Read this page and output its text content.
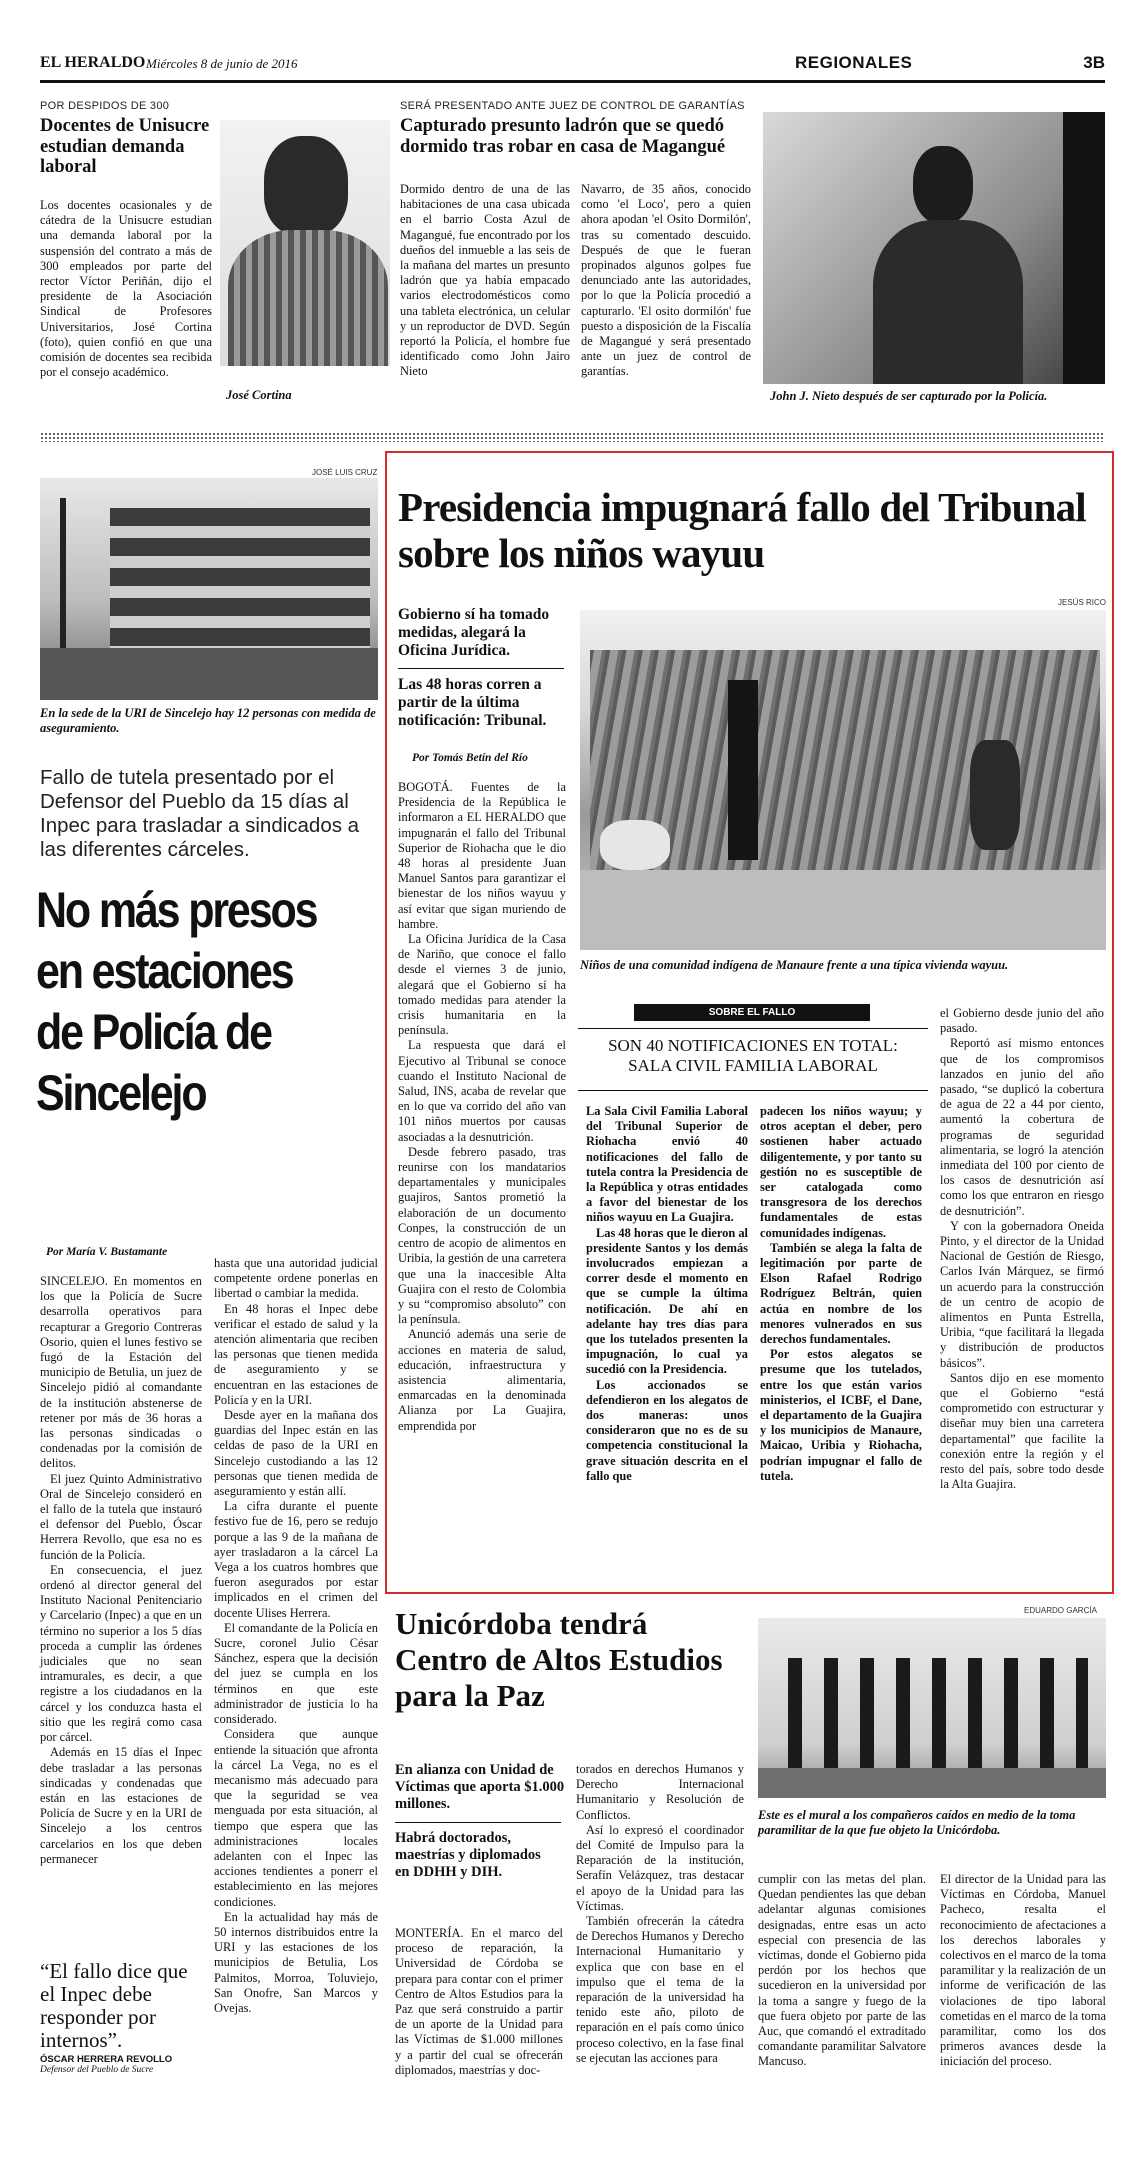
EL HERALDO Miércoles 8 de junio de 2016	REGIONALES	3B
POR DESPIDOS DE 300
Docentes de Unisucre estudian demanda laboral
Los docentes ocasionales y de cátedra de la Unisucre estudian una demanda laboral por la suspensión del contrato a más de 300 empleados por parte del rector Víctor Periñán, dijo el presidente de la Asociación Sindical de Profesores Universitarios, José Cortina (foto), quien confió en que una comisión de docentes sea recibida por el consejo académico.
José Cortina
SERÁ PRESENTADO ANTE JUEZ DE CONTROL DE GARANTÍAS
Capturado presunto ladrón que se quedó dormido tras robar en casa de Magangué
Dormido dentro de una de las habitaciones de una casa ubicada en el barrio Costa Azul de Magangué, fue encontrado por los dueños del inmueble a las seis de la mañana del martes un presunto ladrón que ya había empacado varios electrodomésticos como una tableta electrónica, un celular y un reproductor de DVD. Según reportó la Policía, el hombre fue identificado como John Jairo Nieto
Navarro, de 35 años, conocido como 'el Loco', pero a quien ahora apodan 'el Osito Dormilón', tras su comentado descuido. Después de que le fueran propinados algunos golpes fue denunciado ante las autoridades, por lo que la Policía procedió a capturarlo. 'El osito dormilón' fue puesto a disposición de la Fiscalía de Magangué y será presentado ante un juez de control de garantías.
John J. Nieto después de ser capturado por la Policía.
JOSÉ LUIS CRUZ
En la sede de la URI de Sincelejo hay 12 personas con medida de aseguramiento.
Fallo de tutela presentado por el Defensor del Pueblo da 15 días al Inpec para trasladar a sindicados a las diferentes cárceles.
No más presos en estaciones de Policía de Sincelejo
Por María V. Bustamante

SINCELEJO. En momentos en los que la Policía de Sucre desarrolla operativos para recapturar a Gregorio Contreras Osorio, quien el lunes festivo se fugó de la Estación del municipio de Betulia, un juez de Sincelejo pidió al comandante de la institución abstenerse de retener por más de 36 horas a las personas sindicadas o condenadas por la comisión de delitos.

El juez Quinto Administrativo Oral de Sincelejo consideró en el fallo de la tutela que instauró el defensor del Pueblo, Óscar Herrera Revollo, que esa no es función de la Policía.

En consecuencia, el juez ordenó al director general del Instituto Nacional Penitenciario y Carcelario (Inpec) a que en un término no superior a los 5 días proceda a cumplir las órdenes judiciales que no sean intramurales, es decir, a que registre a los ciudadanos en la cárcel y los conduzca hasta el sitio que les regirá como casa por cárcel.

Además en 15 días el Inpec debe trasladar a las personas sindicadas y condenadas que están en las estaciones de Policía de Sucre y en la URI de Sincelejo a los centros carcelarios en los que deben permanecer

hasta que una autoridad judicial competente ordene ponerlas en libertad o cambiar la medida.

En 48 horas el Inpec debe verificar el estado de salud y la atención alimentaria que reciben las personas que tienen medida de aseguramiento y se encuentran en las estaciones de Policía y en la URI.

Desde ayer en la mañana dos guardias del Inpec están en las celdas de paso de la URI en Sincelejo custodiando a las 12 personas que tienen medida de aseguramiento y están allí.

La cifra durante el puente festivo fue de 16, pero se redujo porque a las 9 de la mañana de ayer trasladaron a la cárcel La Vega a los cuatros hombres que fueron asegurados por estar implicados en el crimen del docente Ulises Herrera.

El comandante de la Policía en Sucre, coronel Julio César Sánchez, espera que la decisión del juez se cumpla en los términos en que este administrador de justicia lo ha considerado.

Considera que aunque entiende la situación que afronta la cárcel La Vega, no es el mecanismo más adecuado para que la seguridad se vea menguada por esta situación, al tiempo que espera que las administraciones locales adelanten con el Inpec las acciones tendientes a ponerr el establecimiento en las mejores condiciones.

En la actualidad hay más de 50 internos distribuidos entre la URI y las estaciones de los municipios de Betulia, Los Palmitos, Morroa, Toluviejo, San Onofre, San Marcos y Ovejas.

“El fallo dice que el Inpec debe responder por internos”.
ÓSCAR HERRERA REVOLLO
Defensor del Pueblo de Sucre
Presidencia impugnará fallo del Tribunal sobre los niños wayuu
Gobierno sí ha tomado medidas, alegará la Oficina Jurídica.
Las 48 horas corren a partir de la última notificación: Tribunal.
Por Tomás Betín del Río
JESÚS RICO
Niños de una comunidad indígena de Manaure frente a una típica vivienda wayuu.

BOGOTÁ. Fuentes de la Presidencia de la República le informaron a EL HERALDO que impugnarán el fallo del Tribunal Superior de Riohacha que le dio 48 horas al presidente Juan Manuel Santos para garantizar el bienestar de los niños wayuu y así evitar que sigan muriendo de hambre.

La Oficina Jurídica de la Casa de Nariño, que conoce el fallo desde el viernes 3 de junio, alegará que el Gobierno sí ha tomado medidas para atender la crisis humanitaria en la península.

La respuesta que dará el Ejecutivo al Tribunal se conoce cuando el Instituto Nacional de Salud, INS, acaba de revelar que en lo que va corrido del año van 101 niños muertos por causas asociadas a la desnutrición.

Desde febrero pasado, tras reunirse con los mandatarios departamentales y municipales guajiros, Santos prometió la elaboración de un documento Conpes, la construcción de un centro de acopio de alimentos en Uribia, la gestión de una carretera que una la inaccesible Alta Guajira con el resto de Colombia y su “compromiso absoluto” con la península.

Anunció además una serie de acciones en materia de salud, educación, infraestructura y asistencia alimentaria, enmarcadas en la denominada Alianza por La Guajira, emprendida por

SOBRE EL FALLO
SON 40 NOTIFICACIONES EN TOTAL: SALA CIVIL FAMILIA LABORAL

La Sala Civil Familia Laboral del Tribunal Superior de Riohacha envió 40 notificaciones del fallo de tutela contra la Presidencia de la República y otras entidades a favor del bienestar de los niños wayuu en La Guajira.

Las 48 horas que le dieron al presidente Santos y los demás involucrados empiezan a correr desde el momento en que se cumple la última notificación. De ahí en adelante hay tres días para que los tutelados presenten la impugnación, lo cual ya sucedió con la Presidencia.

Los accionados se defendieron en los alegatos de dos maneras: unos consideraron que no es de su competencia constitucional la grave situación descrita en el fallo que

padecen los niños wayuu; y otros aceptan el deber, pero sostienen haber actuado diligentemente, y por tanto su gestión no es susceptible de ser catalogada como transgresora de los derechos fundamentales de estas comunidades indígenas.

También se alega la falta de legitimación por parte de Elson Rafael Rodrigo Rodríguez Beltrán, quien actúa en nombre de los menores vulnerados en sus derechos fundamentales.

Por estos alegatos se presume que los tutelados, entre los que están varios ministerios, el ICBF, el Dane, el departamento de la Guajira y los municipios de Manaure, Maicao, Uribia y Riohacha, podrían impugnar el fallo de tutela.

el Gobierno desde junio del año pasado.

Reportó así mismo entonces que de los compromisos lanzados en junio del año pasado, “se duplicó la cobertura de agua de 22 a 44 por ciento, aumentó la cobertura de programas de seguridad alimentaria, se logró la atención inmediata del 100 por ciento de los casos de desnutrición así como los que entraron en riesgo de desnutrición”.

Y con la gobernadora Oneida Pinto, y el director de la Unidad Nacional de Gestión de Riesgo, Carlos Iván Márquez, se firmó un acuerdo para la construcción de un centro de acopio de alimentos en Punta Estrella, Uribia, “que facilitará la llegada y distribución de productos básicos”.

Santos dijo en ese momento que el Gobierno “está comprometido con estructurar y diseñar muy bien una carretera departamental” que facilite la conexión entre la región y el resto del país, sobre todo desde la Alta Guajira.

Unicórdoba tendrá Centro de Altos Estudios para la Paz
En alianza con Unidad de Víctimas que aporta $1.000 millones.
Habrá doctorados, maestrías y diplomados en DDHH y DIH.
EDUARDO GARCÍA
Este es el mural a los compañeros caídos en medio de la toma paramilitar de la que fue objeto la Unicórdoba.

MONTERÍA. En el marco del proceso de reparación, la Universidad de Córdoba se prepara para contar con el primer Centro de Altos Estudios para la Paz que será construido a partir de un aporte de la Unidad para las Víctimas de $1.000 millones y a partir del cual se ofrecerán diplomados, maestrías y doc-

torados en derechos Humanos y Derecho Internacional Humanitario y Resolución de Conflictos.

Así lo expresó el coordinador del Comité de Impulso para la Reparación de la institución, Serafín Velázquez, tras destacar el apoyo de la Unidad para las Víctimas.

También ofrecerán la cátedra de Derechos Humanos y Derecho Internacional Humanitario y explica que con base en el impulso que el tema de la reparación de la universidad ha tenido este año, piloto de reparación en el país como único proceso colectivo, en la fase final se ejecutan las acciones para

cumplir con las metas del plan. Quedan pendientes las que deban adelantar algunas comisiones designadas, entre esas un acto especial con presencia de las víctimas, donde el Gobierno pida perdón por los hechos que sucedieron en la universidad por la toma a sangre y fuego de la que fuera objeto por parte de las Auc, que comandó el extraditado comandante paramilitar Salvatore Mancuso.

El director de la Unidad para las Víctimas en Córdoba, Manuel Pacheco, resalta el reconocimiento de afectaciones a los derechos laborales y colectivos en el marco de la toma paramilitar y la realización de un informe de verificación de las violaciones de tipo laboral cometidas en el marco de la toma paramilitar, como los dos primeros avances desde la iniciación del proceso.
